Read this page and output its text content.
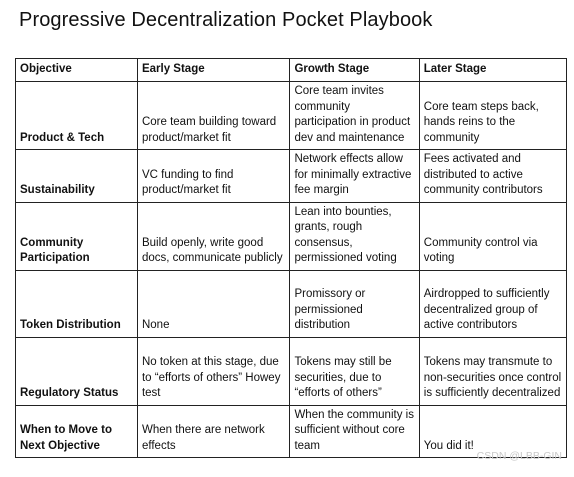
Progressive Decentralization Pocket Playbook
Objective	Early Stage	Growth Stage	Later Stage
Product & Tech	Core team building toward product/market fit	Core team invites community participation in product dev and maintenance	Core team steps back, hands reins to the community
Sustainability	VC funding to find product/market fit	Network effects allow for minimally extractive fee margin	Fees activated and distributed to active community contributors
Community Participation	Build openly, write good docs, communicate publicly	Lean into bounties, grants, rough consensus, permissioned voting	Community control via voting
Token Distribution	None	Promissory or permissioned distribution	Airdropped to sufficiently decentralized group of active contributors
Regulatory Status	No token at this stage, due to “efforts of others” Howey test	Tokens may still be securities, due to “efforts of others”	Tokens may transmute to non-securities once control is sufficiently decentralized
When to Move to Next Objective	When there are network effects	When the community is sufficient without core team	You did it!
CSDN @LBB-GIN
